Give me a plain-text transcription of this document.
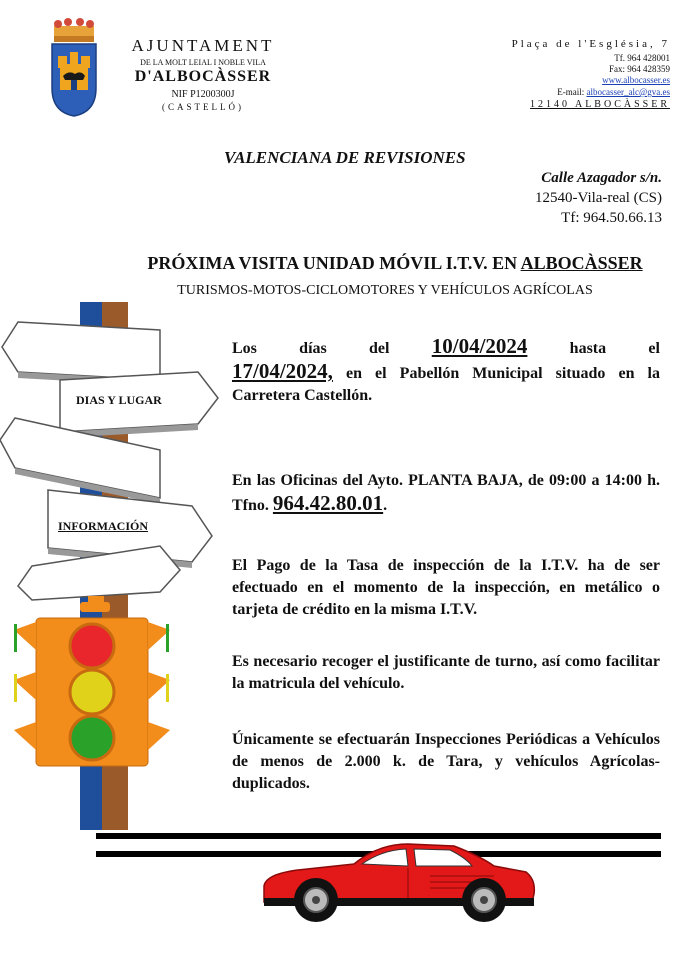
AJUNTAMENT
DE LA MOLT LEIAL I NOBLE VILA
D'ALBOCÀSSER
NIF P1200300J
(CASTELLÓ)
Plaça de l'Església, 7
Tf. 964 428001
Fax: 964 428359
www.albocasser.es
E-mail: albocasser_alc@gva.es
12140 ALBOCÀSSER
VALENCIANA DE REVISIONES
Calle Azagador s/n.
12540-Vila-real (CS)
Tf: 964.50.66.13
PRÓXIMA VISITA UNIDAD MÓVIL I.T.V. EN ALBOCÀSSER
TURISMOS-MOTOS-CICLOMOTORES Y VEHÍCULOS AGRÍCOLAS
DIAS Y LUGAR
INFORMACIÓN
Los	días	del 10/04/2024	hasta	el
17/04/2024, en el Pabellón Municipal situado en la Carretera Castellón.
En las Oficinas del Ayto. PLANTA BAJA, de 09:00 a 14:00 h. Tfno. 964.42.80.01.
El Pago de la Tasa de inspección de la I.T.V. ha de ser efectuado en el momento de la inspección, en metálico o tarjeta de crédito en la misma I.T.V.
Es necesario recoger el justificante de turno, así como facilitar la matricula del vehículo.
Únicamente se efectuarán Inspecciones Periódicas a Vehículos de menos de 2.000 k. de Tara, y vehículos Agrícolas-duplicados.
